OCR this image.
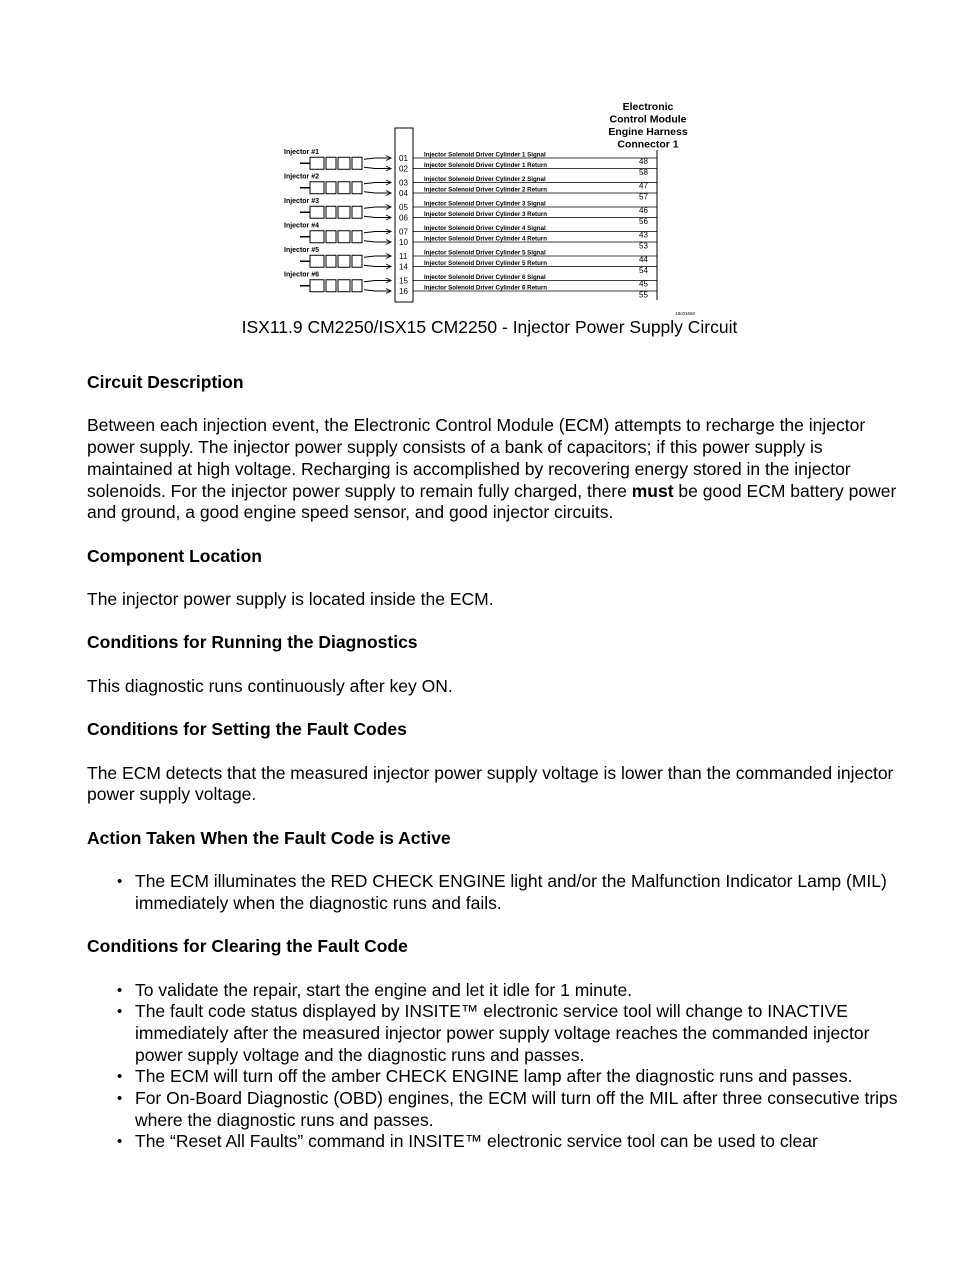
Electronic
Control Module
Engine Harness
Connector 1
Injector #1
01
02
Injector Solenoid Driver Cylinder 1 Signal
Injector Solenoid Driver Cylinder 1 Return	48
58
Injector #2
03
04
Injector Solenoid Driver Cylinder 2 Signal
Injector Solenoid Driver Cylinder 2 Return	47
57
Injector #3
05
06
Injector Solenoid Driver Cylinder 3 Signal
Injector Solenoid Driver Cylinder 3 Return	46
56
Injector #4
07
10
Injector Solenoid Driver Cylinder 4 Signal
Injector Solenoid Driver Cylinder 4 Return	43
53
Injector #5
11
14
Injector Solenoid Driver Cylinder 5 Signal
Injector Solenoid Driver Cylinder 5 Return	44
54
Injector #6
15
16
Injector Solenoid Driver Cylinder 6 Signal
Injector Solenoid Driver Cylinder 6 Return	45
55
18c01660
ISX11.9 CM2250/ISX15 CM2250 - Injector Power Supply Circuit
Circuit Description

Between each injection event, the Electronic Control Module (ECM) attempts to recharge the injector power supply. The injector power supply consists of a bank of capacitors; if this power supply is maintained at high voltage. Recharging is accomplished by recovering energy stored in the injector solenoids. For the injector power supply to remain fully charged, there must be good ECM battery power and ground, a good engine speed sensor, and good injector circuits.

Component Location

The injector power supply is located inside the ECM.

Conditions for Running the Diagnostics

This diagnostic runs continuously after key ON.

Conditions for Setting the Fault Codes

The ECM detects that the measured injector power supply voltage is lower than the commanded injector power supply voltage.

Action Taken When the Fault Code is Active
• The ECM illuminates the RED CHECK ENGINE light and/or the Malfunction Indicator Lamp (MIL) immediately when the diagnostic runs and fails.
Conditions for Clearing the Fault Code
• To validate the repair, start the engine and let it idle for 1 minute.
• The fault code status displayed by INSITE™ electronic service tool will change to INACTIVE immediately after the measured injector power supply voltage reaches the commanded injector power supply voltage and the diagnostic runs and passes.
• The ECM will turn off the amber CHECK ENGINE lamp after the diagnostic runs and passes.
• For On-Board Diagnostic (OBD) engines, the ECM will turn off the MIL after three consecutive trips where the diagnostic runs and passes.
• The “Reset All Faults” command in INSITE™ electronic service tool can be used to clear
